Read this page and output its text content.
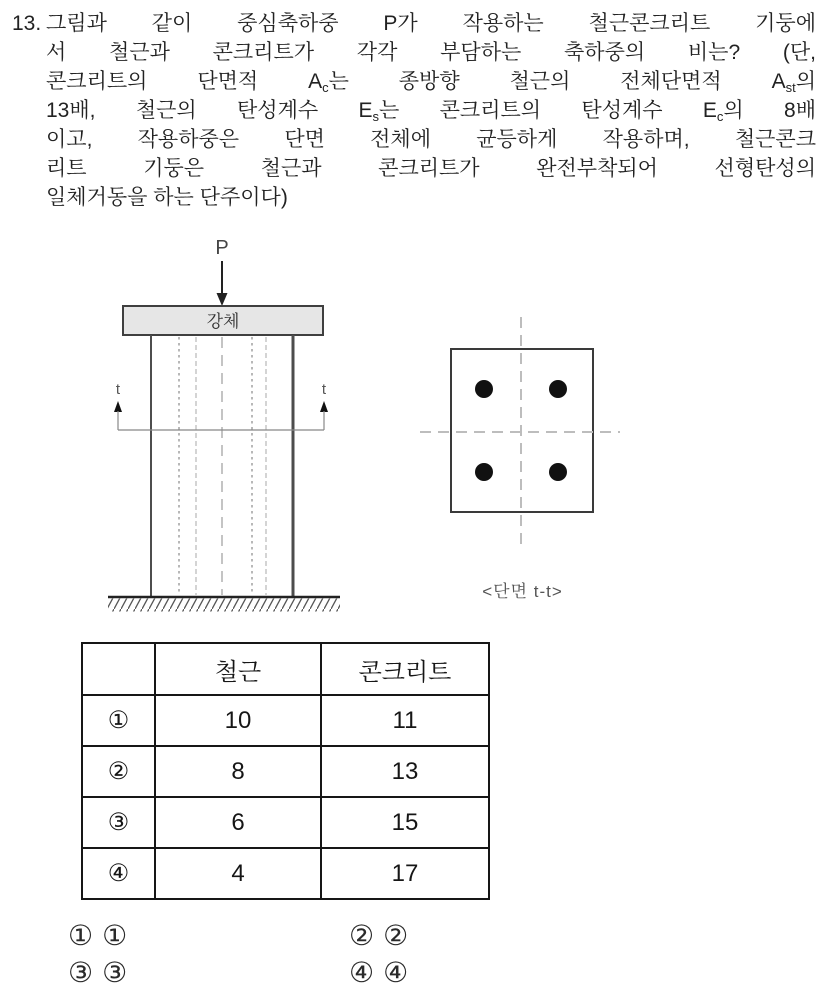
13. 그림과 같이 중심축하중 P가 작용하는 철근콘크리트 기둥에
서 철근과 콘크리트가 각각 부담하는 축하중의 비는? (단,
콘크리트의 단면적 $A_c$는 종방향 철근의 전체단면적 $A_{st}$의
13배, 철근의 탄성계수 $E_s$는 콘크리트의 탄성계수 $E_c$의 8배
이고, 작용하중은 단면 전체에 균등하게 작용하며, 철근콘크
리트 기둥은 철근과 콘크리트가 완전부착되어 선형탄성의
일체거동을 하는 단주이다)
P
강체
t	t
<단면 t-t>
	철근	콘크리트
①	10	11
②	8	13
③	6	15
④	4	17
① ①	② ②
③ ③	④ ④
